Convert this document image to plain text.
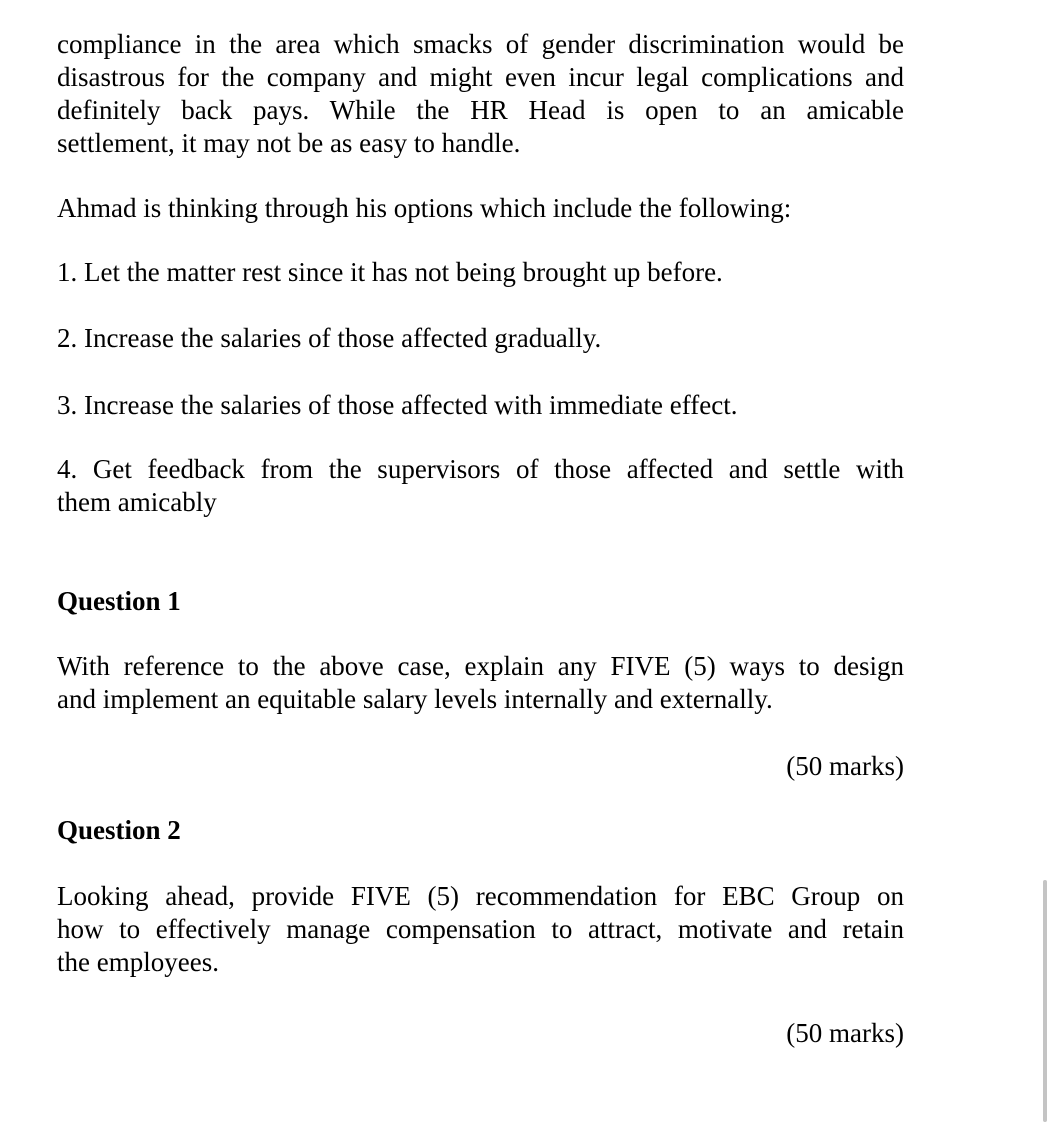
compliance in the area which smacks of gender discrimination would be
disastrous for the company and might even incur legal complications and
definitely back pays. While the HR Head is open to an amicable
settlement, it may not be as easy to handle.

Ahmad is thinking through his options which include the following:

1. Let the matter rest since it has not being brought up before.

2. Increase the salaries of those affected gradually.

3. Increase the salaries of those affected with immediate effect.

4. Get feedback from the supervisors of those affected and settle with
them amicably

Question 1

With reference to the above case, explain any FIVE (5) ways to design
and implement an equitable salary levels internally and externally.

(50 marks)

Question 2

Looking ahead, provide FIVE (5) recommendation for EBC Group on
how to effectively manage compensation to attract, motivate and retain
the employees.

(50 marks)
